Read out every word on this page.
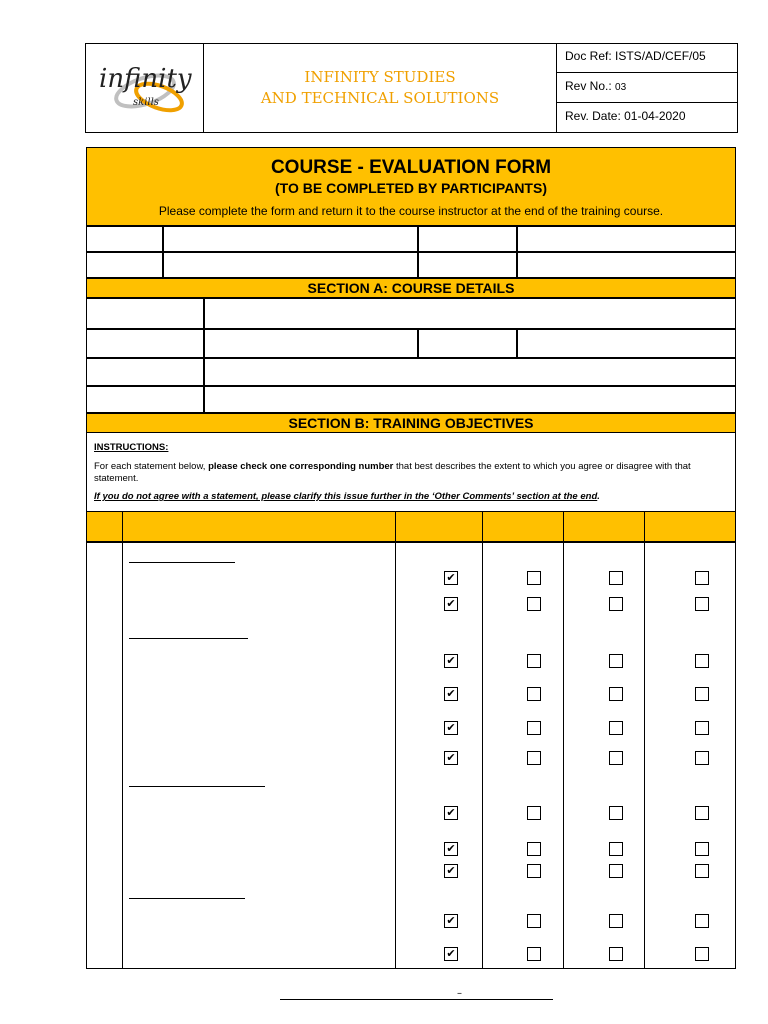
infinity
skills
INFINITY STUDIES
AND TECHNICAL SOLUTIONS
Doc Ref: ISTS/AD/CEF/05
Rev No.: 03
Rev. Date: 01-04-2020
COURSE - EVALUATION FORM
(TO BE COMPLETED BY PARTICIPANTS)
Please complete the form and return it to the course instructor at the end of the training course.
SECTION A: COURSE DETAILS
SECTION B: TRAINING OBJECTIVES
INSTRUCTIONS:
For each statement below, please check one corresponding number that best describes the extent to which you agree or disagree with that statement.
If you do not agree with a statement, please clarify this issue further in the ‘Other Comments’ section at the end.
✔
✔
✔
✔
✔
✔
✔
✔
✔
✔
✔
–
